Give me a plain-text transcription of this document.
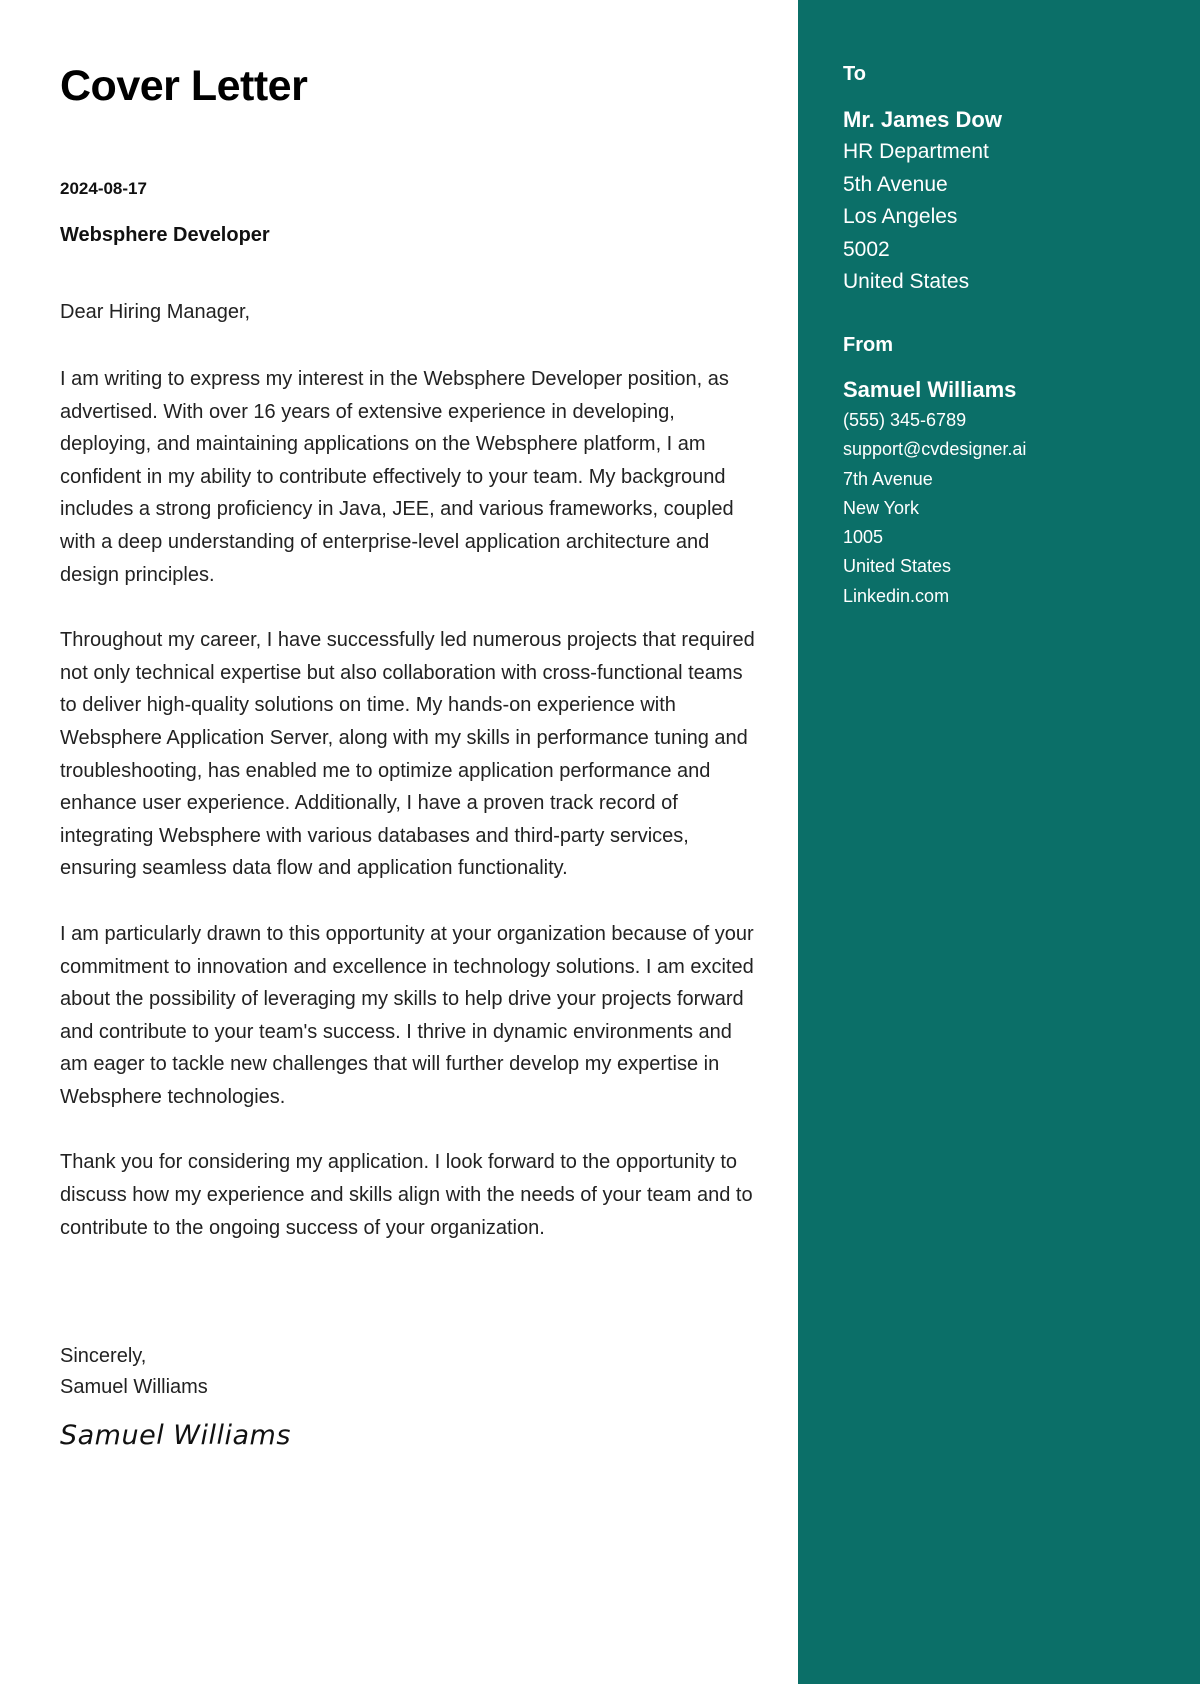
Cover Letter
2024-08-17
Websphere Developer
Dear Hiring Manager,

I am writing to express my interest in the Websphere Developer position, as advertised. With over 16 years of extensive experience in developing, deploying, and maintaining applications on the Websphere platform, I am confident in my ability to contribute effectively to your team. My background includes a strong proficiency in Java, JEE, and various frameworks, coupled with a deep understanding of enterprise-level application architecture and design principles.

Throughout my career, I have successfully led numerous projects that required not only technical expertise but also collaboration with cross-functional teams to deliver high-quality solutions on time. My hands-on experience with Websphere Application Server, along with my skills in performance tuning and troubleshooting, has enabled me to optimize application performance and enhance user experience. Additionally, I have a proven track record of integrating Websphere with various databases and third-party services, ensuring seamless data flow and application functionality.

I am particularly drawn to this opportunity at your organization because of your commitment to innovation and excellence in technology solutions. I am excited about the possibility of leveraging my skills to help drive your projects forward and contribute to your team's success. I thrive in dynamic environments and am eager to tackle new challenges that will further develop my expertise in Websphere technologies.

Thank you for considering my application. I look forward to the opportunity to discuss how my experience and skills align with the needs of your team and to contribute to the ongoing success of your organization.

Sincerely,
Samuel Williams
Samuel Williams
To
Mr. James Dow
HR Department
5th Avenue
Los Angeles
5002
United States
From
Samuel Williams
(555) 345-6789
support@cvdesigner.ai
7th Avenue
New York
1005
United States
Linkedin.com
